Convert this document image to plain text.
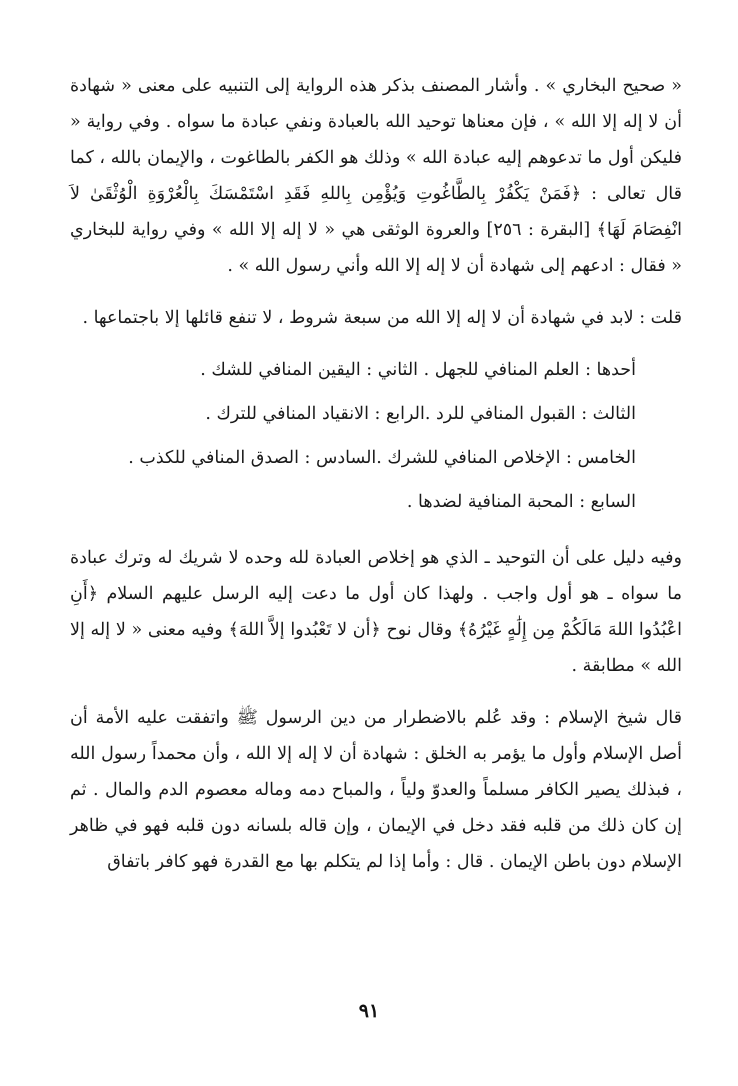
« صحيح البخاري » . وأشار المصنف بذكر هذه الرواية إلى التنبيه على معنى « شهادة أن لا إله إلا الله » ، فإن معناها توحيد الله بالعبادة ونفي عبادة ما سواه . وفي رواية « فليكن أول ما تدعوهم إليه عبادة الله » وذلك هو الكفر بالطاغوت ، والإيمان بالله ، كما قال تعالى : ﴿فَمَنْ يَكْفُرْ بِالطَّاغُوتِ وَيُؤْمِن بِاللهِ فَقَدِ اسْتَمْسَكَ بِالْعُرْوَةِ الْوُثْقَىٰ لاَ انْفِصَامَ لَهَا﴾ [البقرة : ٢٥٦] والعروة الوثقى هي « لا إله إلا الله » وفي رواية للبخاري « فقال : ادعهم إلى شهادة أن لا إله إلا الله وأني رسول الله » .

قلت : لابد في شهادة أن لا إله إلا الله من سبعة شروط ، لا تنفع قائلها إلا باجتماعها .

أحدها : العلم المنافي للجهل . الثاني : اليقين المنافي للشك .

الثالث : القبول المنافي للرد .الرابع : الانقياد المنافي للترك .

الخامس : الإخلاص المنافي للشرك .السادس : الصدق المنافي للكذب .

السابع : المحبة المنافية لضدها .

وفيه دليل على أن التوحيد ـ الذي هو إخلاص العبادة لله وحده لا شريك له وترك عبادة ما سواه ـ هو أول واجب . ولهذا كان أول ما دعت إليه الرسل عليهم السلام ﴿أَنِ اعْبُدُوا اللهَ مَالَكُمْ مِن إِلَٰهٍ غَيْرُهُ﴾ وقال نوح ﴿أن لا تَعْبُدوا إلاَّ اللهَ﴾ وفيه معنى « لا إله إلا الله » مطابقة .

قال شيخ الإسلام : وقد عُلم بالاضطرار من دين الرسول ﷺ واتفقت عليه الأمة أن أصل الإسلام وأول ما يؤمر به الخلق : شهادة أن لا إله إلا الله ، وأن محمداً رسول الله ، فبذلك يصير الكافر مسلماً والعدوّ ولياً ، والمباح دمه وماله معصوم الدم والمال . ثم إن كان ذلك من قلبه فقد دخل في الإيمان ، وإن قاله بلسانه دون قلبه فهو في ظاهر الإسلام دون باطن الإيمان . قال : وأما إذا لم يتكلم بها مع القدرة فهو كافر باتفاق

٩١
